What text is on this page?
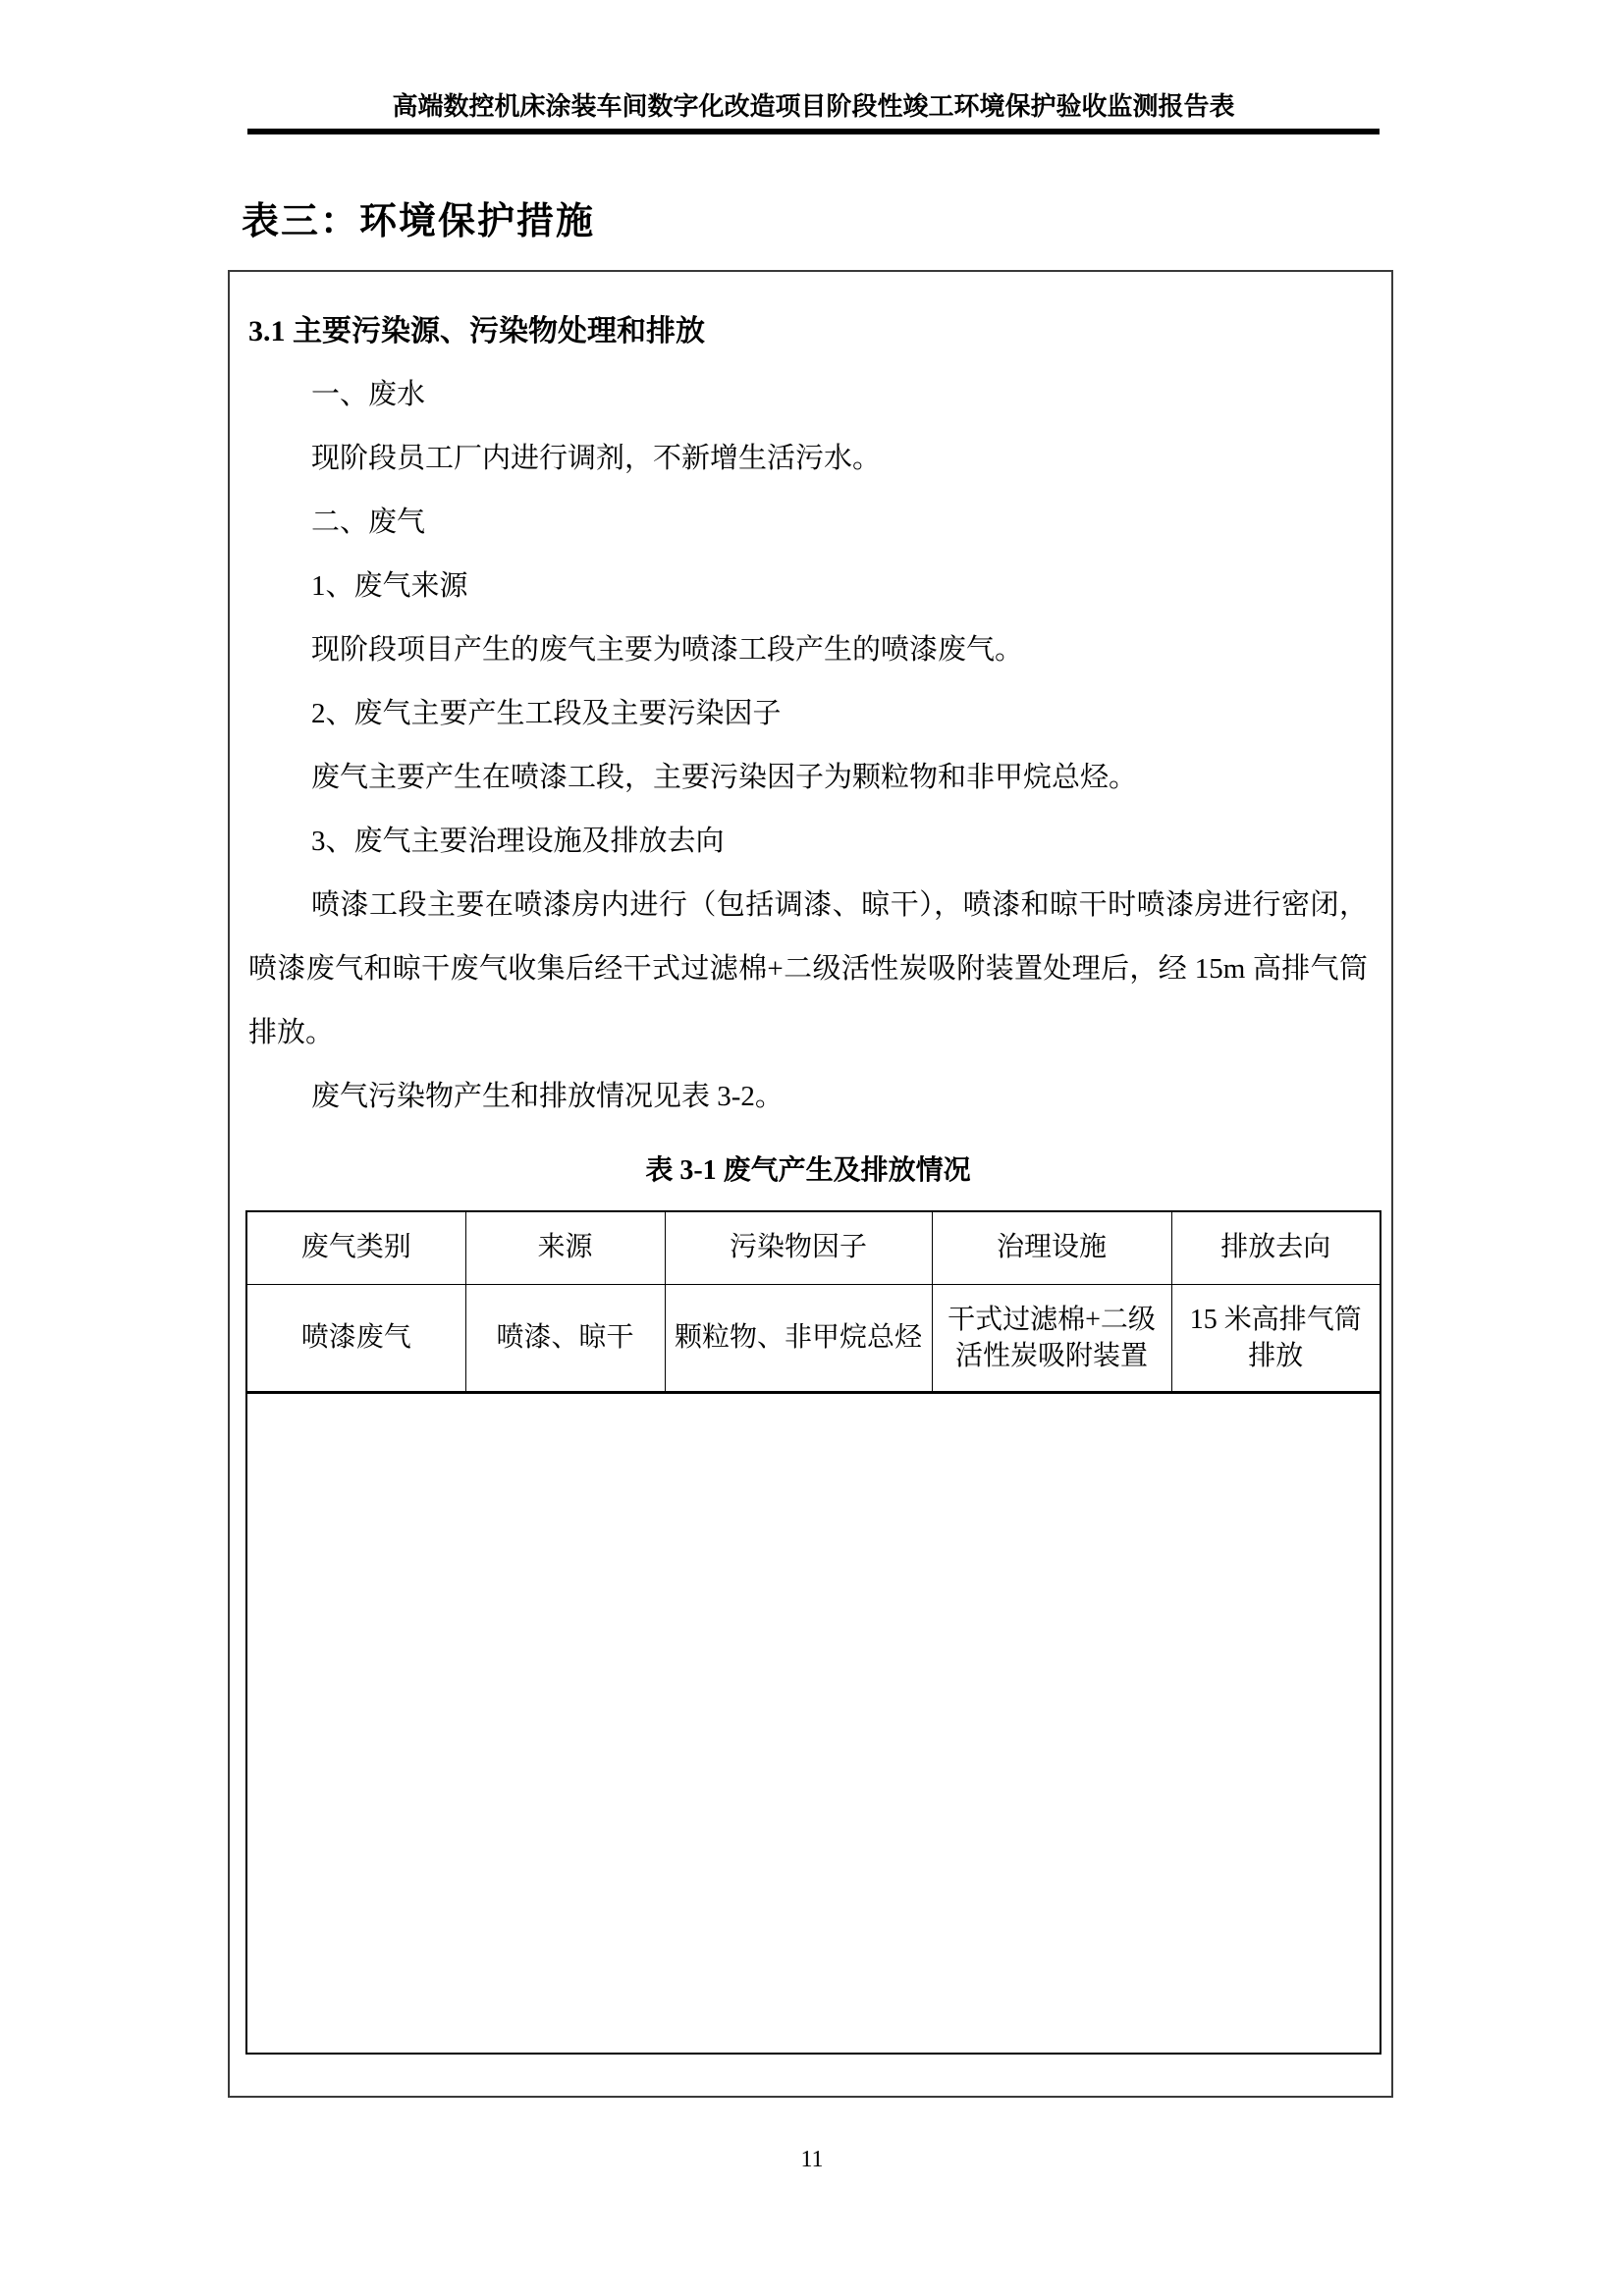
高端数控机床涂装车间数字化改造项目阶段性竣工环境保护验收监测报告表
表三：环境保护措施

3.1 主要污染源、污染物处理和排放

一、废水

现阶段员工厂内进行调剂，不新增生活污水。

二、废气

1、废气来源

现阶段项目产生的废气主要为喷漆工段产生的喷漆废气。

2、废气主要产生工段及主要污染因子

废气主要产生在喷漆工段，主要污染因子为颗粒物和非甲烷总烃。

3、废气主要治理设施及排放去向

喷漆工段主要在喷漆房内进行（包括调漆、晾干），喷漆和晾干时喷漆房进行密闭，喷漆废气和晾干废气收集后经干式过滤棉+二级活性炭吸附装置处理后，经 15m 高排气筒排放。

废气污染物产生和排放情况见表 3-2。

表 3-1 废气产生及排放情况
废气类别	来源	污染物因子	治理设施	排放去向
喷漆废气	喷漆、晾干	颗粒物、非甲烷总烃	干式过滤棉+二级活性炭吸附装置	15 米高排气筒排放

11
